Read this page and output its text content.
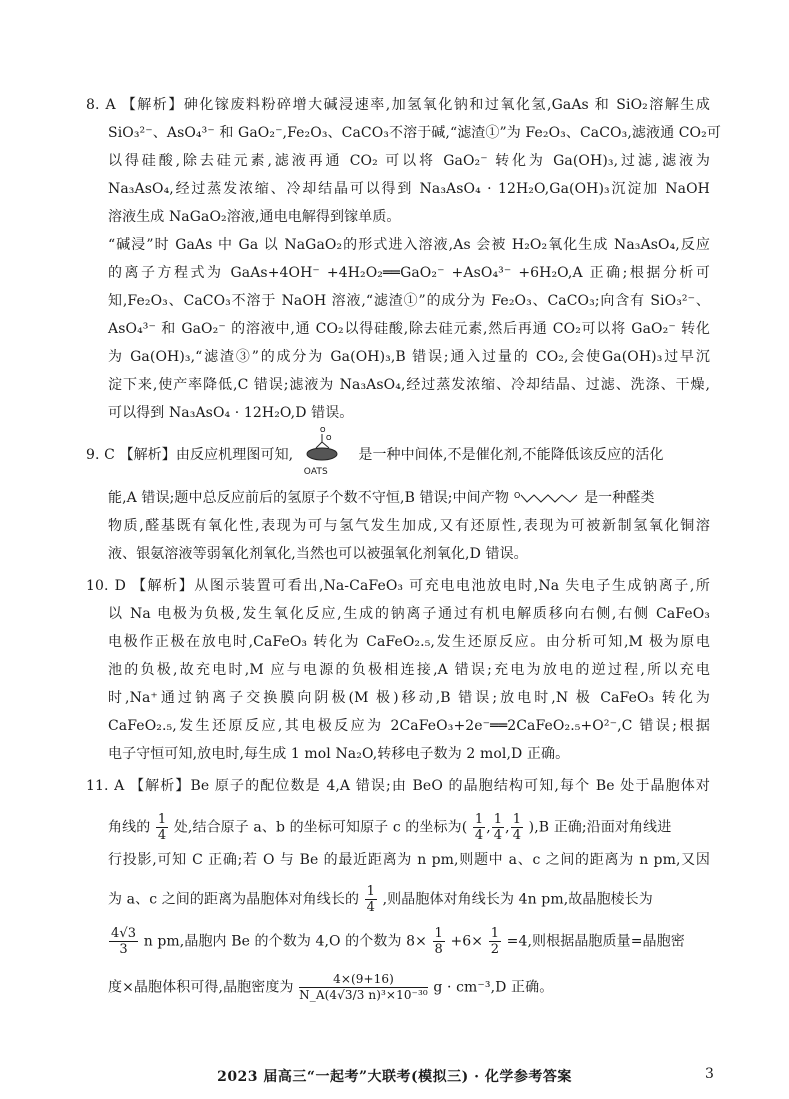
8. A 【解析】砷化镓废料粉碎增大碱浸速率,加氢氧化钠和过氧化氢,GaAs 和 SiO₂溶解生成
SiO₃²⁻、AsO₄³⁻ 和 GaO₂⁻,Fe₂O₃、CaCO₃不溶于碱,“滤渣①”为 Fe₂O₃、CaCO₃,滤液通 CO₂可
以得硅酸,除去硅元素,滤液再通 CO₂ 可以将 GaO₂⁻ 转化为 Ga(OH)₃,过滤,滤液为
Na₃AsO₄,经过蒸发浓缩、冷却结晶可以得到 Na₃AsO₄ · 12H₂O,Ga(OH)₃沉淀加 NaOH
溶液生成 NaGaO₂溶液,通电电解得到镓单质。
“碱浸”时 GaAs 中 Ga 以 NaGaO₂的形式进入溶液,As 会被 H₂O₂氧化生成 Na₃AsO₄,反应
的离子方程式为 GaAs+4OH⁻ +4H₂O₂══GaO₂⁻ +AsO₄³⁻ +6H₂O,A 正确;根据分析可
知,Fe₂O₃、CaCO₃不溶于 NaOH 溶液,“滤渣①”的成分为 Fe₂O₃、CaCO₃;向含有 SiO₃²⁻、
AsO₄³⁻ 和 GaO₂⁻ 的溶液中,通 CO₂以得硅酸,除去硅元素,然后再通 CO₂可以将 GaO₂⁻ 转化
为 Ga(OH)₃,“滤渣③”的成分为 Ga(OH)₃,B 错误;通入过量的 CO₂,会使Ga(OH)₃过早沉
淀下来,使产率降低,C 错误;滤液为 Na₃AsO₄,经过蒸发浓缩、冷却结晶、过滤、洗涤、干燥,
可以得到 Na₃AsO₄ · 12H₂O,D 错误。
9. C 【解析】由反应机理图可知,
O
O
OATS
是一种中间体,不是催化剂,不能降低该反应的活化
能,A 错误;题中总反应前后的氢原子个数不守恒,B 错误;中间产物 O	是一种醛类
物质,醛基既有氧化性,表现为可与氢气发生加成,又有还原性,表现为可被新制氢氧化铜溶
液、银氨溶液等弱氧化剂氧化,当然也可以被强氧化剂氧化,D 错误。
10. D 【解析】从图示装置可看出,Na-CaFeO₃ 可充电电池放电时,Na 失电子生成钠离子,所
以 Na 电极为负极,发生氧化反应,生成的钠离子通过有机电解质移向右侧,右侧 CaFeO₃
电极作正极在放电时,CaFeO₃ 转化为 CaFeO₂.₅,发生还原反应。由分析可知,M 极为原电
池的负极,故充电时,M 应与电源的负极相连接,A 错误;充电为放电的逆过程,所以充电
时,Na⁺通过钠离子交换膜向阴极(M 极)移动,B 错误;放电时,N 极 CaFeO₃ 转化为
CaFeO₂.₅,发生还原反应,其电极反应为 2CaFeO₃+2e⁻══2CaFeO₂.₅+O²⁻,C 错误;根据
电子守恒可知,放电时,每生成 1 mol Na₂O,转移电子数为 2 mol,D 正确。
11. A 【解析】Be 原子的配位数是 4,A 错误;由 BeO 的晶胞结构可知,每个 Be 处于晶胞体对
角线的 $\frac{1}{4}$ 处,结合原子 a、b 的坐标可知原子 c 的坐标为( $\frac{1}{4}$ , $\frac{1}{4}$ , $\frac{1}{4} ),B$ 正确;沿面对角线进
行投影,可知 C 正确;若 O 与 Be 的最近距离为 n pm,则题中 a、c 之间的距离为 n pm,又因
为 a、c 之间的距离为晶胞体对角线长的 $\frac{1}{4}$ ,则晶胞体对角线长为 4n pm,故晶胞棱长为
$\frac{4√3}{3}$ n pm,晶胞内 Be 的个数为 4,O 的个数为 $8\times \frac{1}{8} +6\times \frac{1}{2} =4$,则根据晶胞质量=晶胞密
度×晶胞体积可得,晶胞密度为 $\frac{4\times(9+16)}{\text{N\_A(4√3/3 n)³×10⁻³⁰}}$ g · cm⁻³,D 正确。
2023 届高三“一起考”大联考(模拟三) · 化学参考答案	3
